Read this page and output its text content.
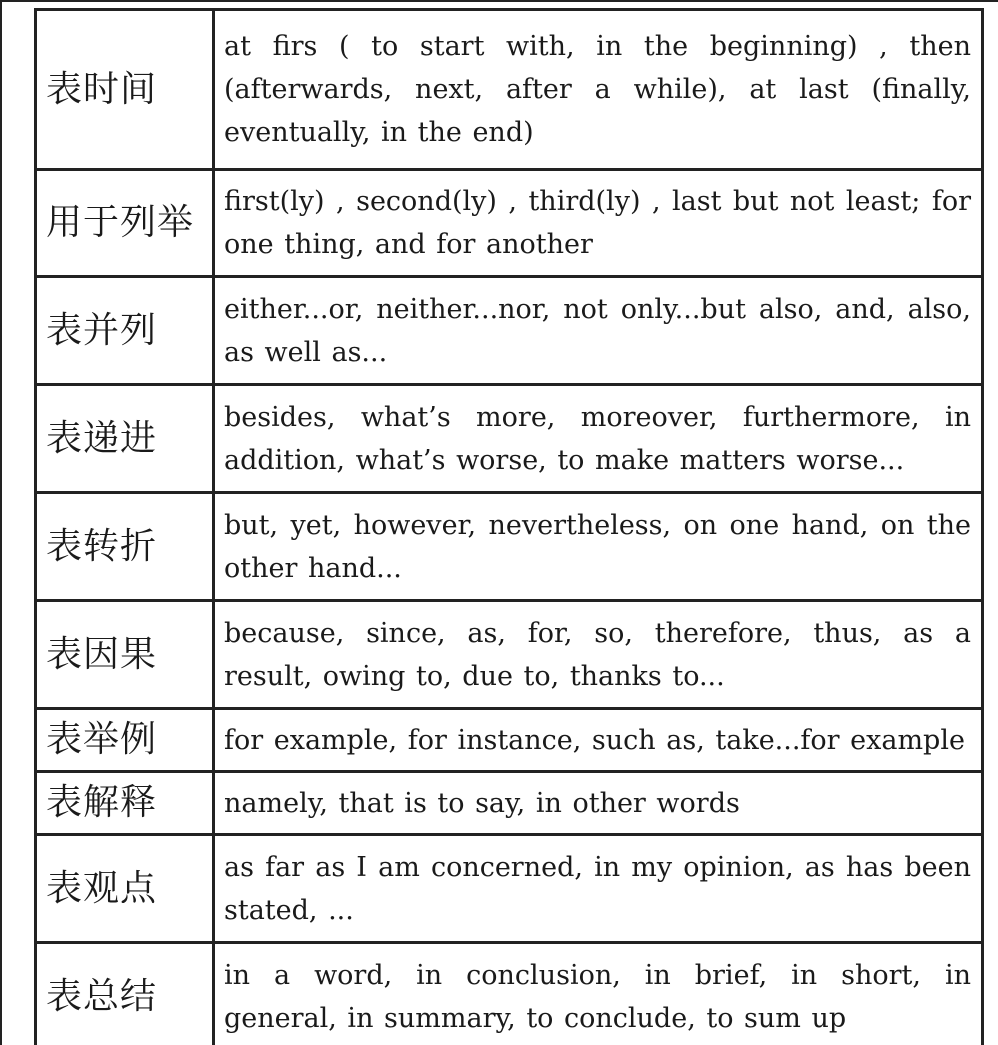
表时间	at firs ( to start with, in the beginning) , then (afterwards, next, after a while), at last (finally, eventually, in the end)

用于列举	first(ly) , second(ly) , third(ly) , last but not least; for one thing, and for another

表并列	either...or, neither...nor, not only...but also, and, also, as well as...

表递进	besides, what’s more, moreover, furthermore, in addition, what’s worse, to make matters worse...

表转折	but, yet, however, nevertheless, on one hand, on the other hand...

表因果	because, since, as, for, so, therefore, thus, as a result, owing to, due to, thanks to...

表举例	for example, for instance, such as, take...for example

表解释	namely, that is to say, in other words

表观点	as far as I am concerned, in my opinion, as has been stated, ...

表总结	in a word, in conclusion, in brief, in short, in general, in summary, to conclude, to sum up
